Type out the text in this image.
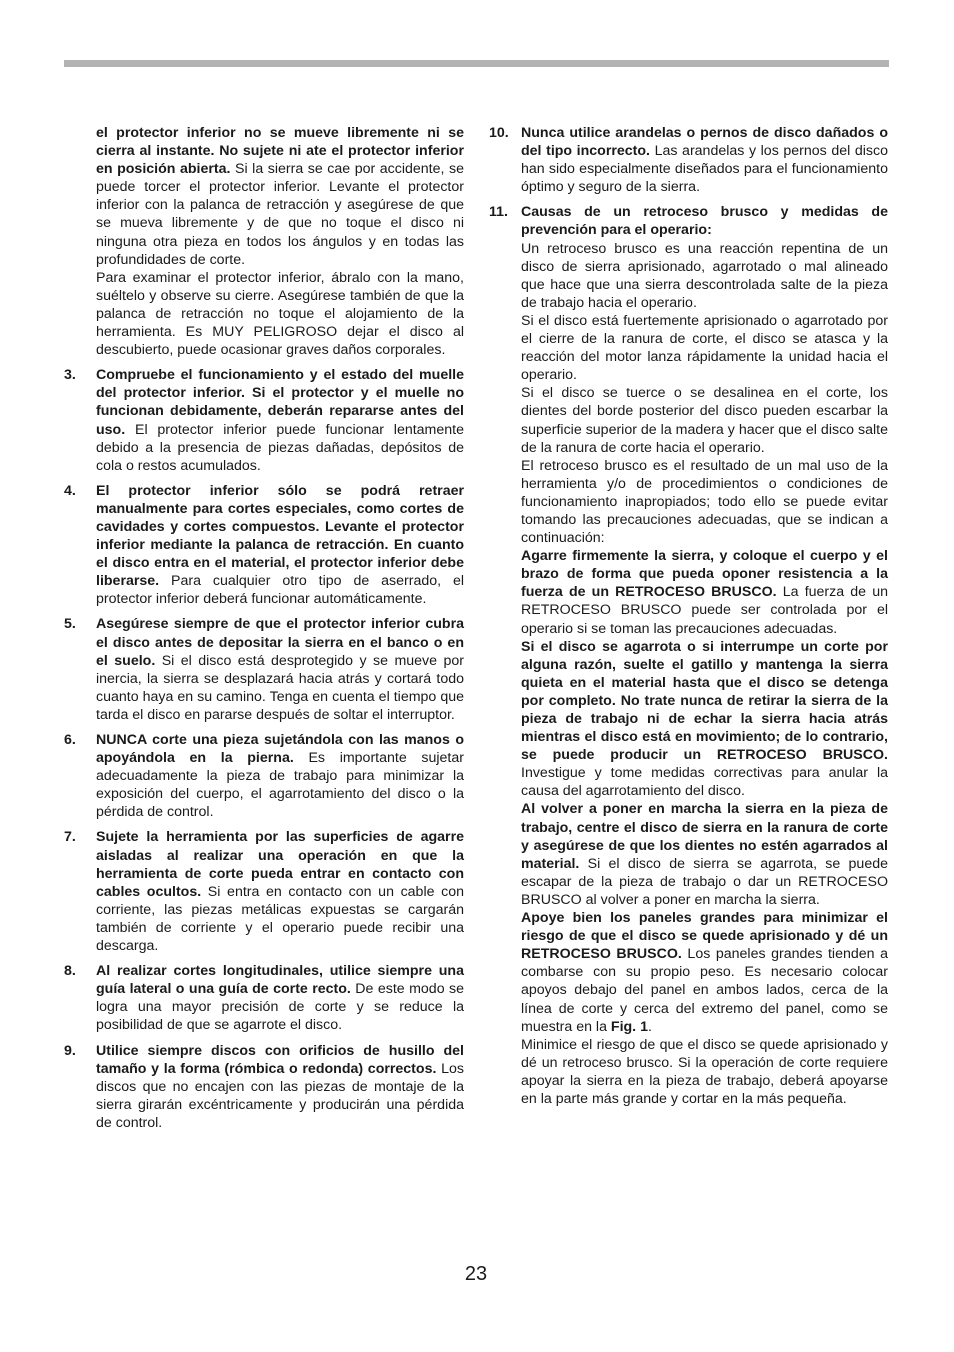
el protector inferior no se mueve libremente ni se cierra al instante. No sujete ni ate el protector inferior en posición abierta. Si la sierra se cae por accidente, se puede torcer el protector inferior. Levante el protector inferior con la palanca de retracción y asegúrese de que se mueva libremente y de que no toque el disco ni ninguna otra pieza en todos los ángulos y en todas las profundidades de corte.

Para examinar el protector inferior, ábralo con la mano, suéltelo y observe su cierre. Asegúrese también de que la palanca de retracción no toque el alojamiento de la herramienta. Es MUY PELIGROSO dejar el disco al descubierto, puede ocasionar graves daños corporales.

3. Compruebe el funcionamiento y el estado del muelle del protector inferior. Si el protector y el muelle no funcionan debidamente, deberán repararse antes del uso. El protector inferior puede funcionar lentamente debido a la presencia de piezas dañadas, depósitos de cola o restos acumulados.

4. El protector inferior sólo se podrá retraer manualmente para cortes especiales, como cortes de cavidades y cortes compuestos. Levante el protector inferior mediante la palanca de retracción. En cuanto el disco entra en el material, el protector inferior debe liberarse. Para cualquier otro tipo de aserrado, el protector inferior deberá funcionar automáticamente.

5. Asegúrese siempre de que el protector inferior cubra el disco antes de depositar la sierra en el banco o en el suelo. Si el disco está desprotegido y se mueve por inercia, la sierra se desplazará hacia atrás y cortará todo cuanto haya en su camino. Tenga en cuenta el tiempo que tarda el disco en pararse después de soltar el interruptor.

6. NUNCA corte una pieza sujetándola con las manos o apoyándola en la pierna. Es importante sujetar adecuadamente la pieza de trabajo para minimizar la exposición del cuerpo, el agarrotamiento del disco o la pérdida de control.

7. Sujete la herramienta por las superficies de agarre aisladas al realizar una operación en que la herramienta de corte pueda entrar en contacto con cables ocultos. Si entra en contacto con un cable con corriente, las piezas metálicas expuestas se cargarán también de corriente y el operario puede recibir una descarga.

8. Al realizar cortes longitudinales, utilice siempre una guía lateral o una guía de corte recto. De este modo se logra una mayor precisión de corte y se reduce la posibilidad de que se agarrote el disco.

9. Utilice siempre discos con orificios de husillo del tamaño y la forma (rómbica o redonda) correctos. Los discos que no encajen con las piezas de montaje de la sierra girarán excéntricamente y producirán una pérdida de control.

10. Nunca utilice arandelas o pernos de disco dañados o del tipo incorrecto. Las arandelas y los pernos del disco han sido especialmente diseñados para el funcionamiento óptimo y seguro de la sierra.

11. Causas de un retroceso brusco y medidas de prevención para el operario:

Un retroceso brusco es una reacción repentina de un disco de sierra aprisionado, agarrotado o mal alineado que hace que una sierra descontrolada salte de la pieza de trabajo hacia el operario.

Si el disco está fuertemente aprisionado o agarrotado por el cierre de la ranura de corte, el disco se atasca y la reacción del motor lanza rápidamente la unidad hacia el operario.

Si el disco se tuerce o se desalinea en el corte, los dientes del borde posterior del disco pueden escarbar la superficie superior de la madera y hacer que el disco salte de la ranura de corte hacia el operario.

El retroceso brusco es el resultado de un mal uso de la herramienta y/o de procedimientos o condiciones de funcionamiento inapropiados; todo ello se puede evitar tomando las precauciones adecuadas, que se indican a continuación:

Agarre firmemente la sierra, y coloque el cuerpo y el brazo de forma que pueda oponer resistencia a la fuerza de un RETROCESO BRUSCO. La fuerza de un RETROCESO BRUSCO puede ser controlada por el operario si se toman las precauciones adecuadas.

Si el disco se agarrota o si interrumpe un corte por alguna razón, suelte el gatillo y mantenga la sierra quieta en el material hasta que el disco se detenga por completo. No trate nunca de retirar la sierra de la pieza de trabajo ni de echar la sierra hacia atrás mientras el disco está en movimiento; de lo contrario, se puede producir un RETROCESO BRUSCO. Investigue y tome medidas correctivas para anular la causa del agarrotamiento del disco.

Al volver a poner en marcha la sierra en la pieza de trabajo, centre el disco de sierra en la ranura de corte y asegúrese de que los dientes no estén agarrados al material. Si el disco de sierra se agarrota, se puede escapar de la pieza de trabajo o dar un RETROCESO BRUSCO al volver a poner en marcha la sierra.

Apoye bien los paneles grandes para minimizar el riesgo de que el disco se quede aprisionado y dé un RETROCESO BRUSCO. Los paneles grandes tienden a combarse con su propio peso. Es necesario colocar apoyos debajo del panel en ambos lados, cerca de la línea de corte y cerca del extremo del panel, como se muestra en la Fig. 1.

Minimice el riesgo de que el disco se quede aprisionado y dé un retroceso brusco. Si la operación de corte requiere apoyar la sierra en la pieza de trabajo, deberá apoyarse en la parte más grande y cortar en la más pequeña.

23
